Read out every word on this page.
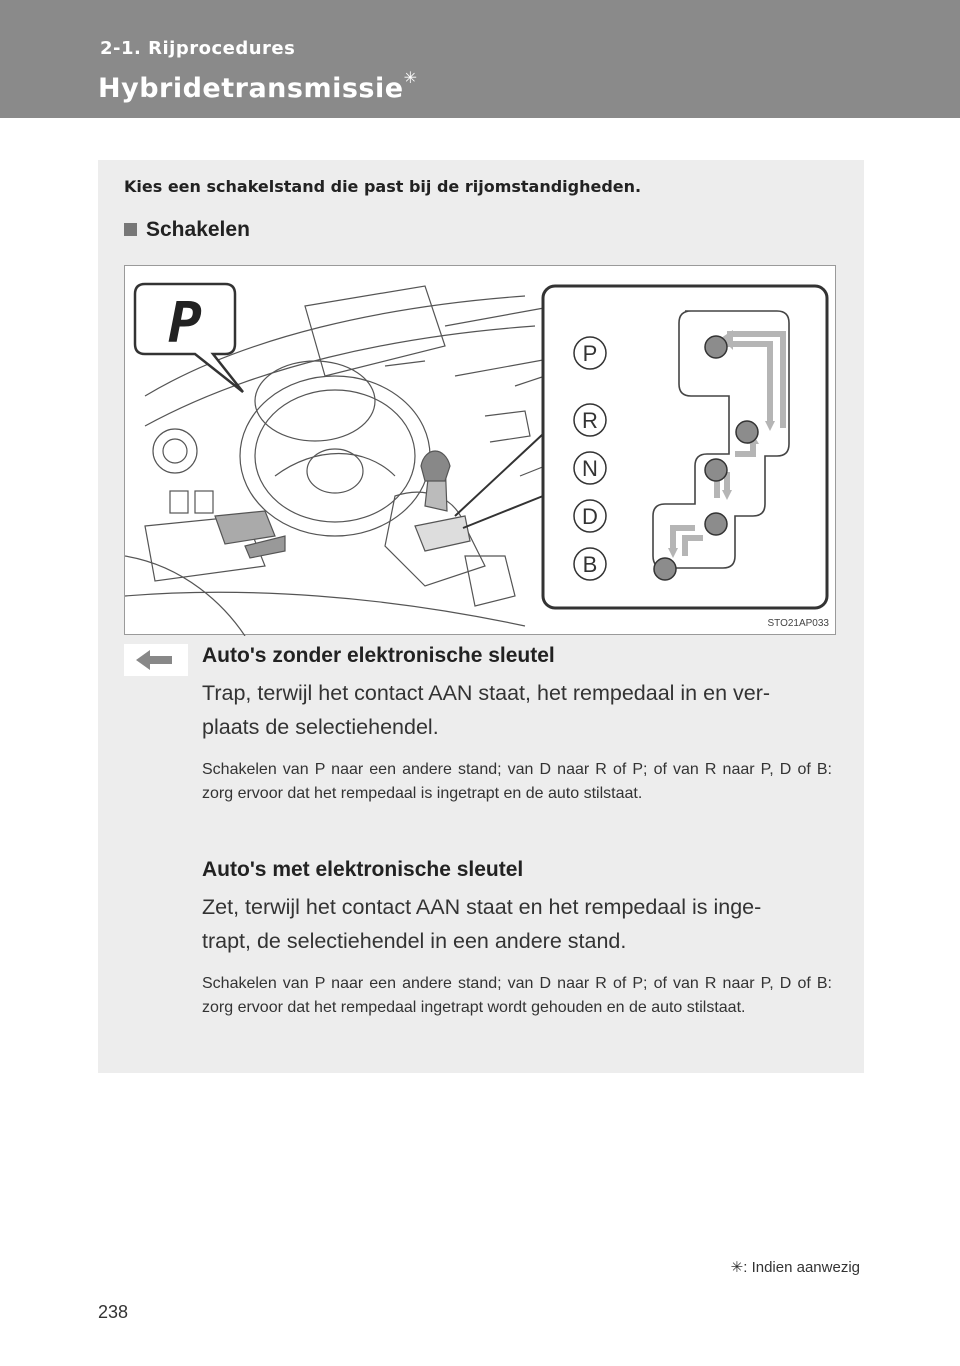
2-1. Rijprocedures
Hybridetransmissie✳
Kies een schakelstand die past bij de rijomstandigheden.
Schakelen
P	P
R
N
D
B
STO21AP033
Auto's zonder elektronische sleutel
Trap, terwijl het contact AAN staat, het rempedaal in en ver-
plaats de selectiehendel.
Schakelen van P naar een andere stand; van D naar R of P; of van R naar P, D of B: zorg ervoor dat het rempedaal is ingetrapt en de auto stilstaat.
Auto's met elektronische sleutel
Zet, terwijl het contact AAN staat en het rempedaal is inge-
trapt, de selectiehendel in een andere stand.
Schakelen van P naar een andere stand; van D naar R of P; of van R naar P, D of B: zorg ervoor dat het rempedaal ingetrapt wordt gehouden en de auto stilstaat.
✳: Indien aanwezig
238
